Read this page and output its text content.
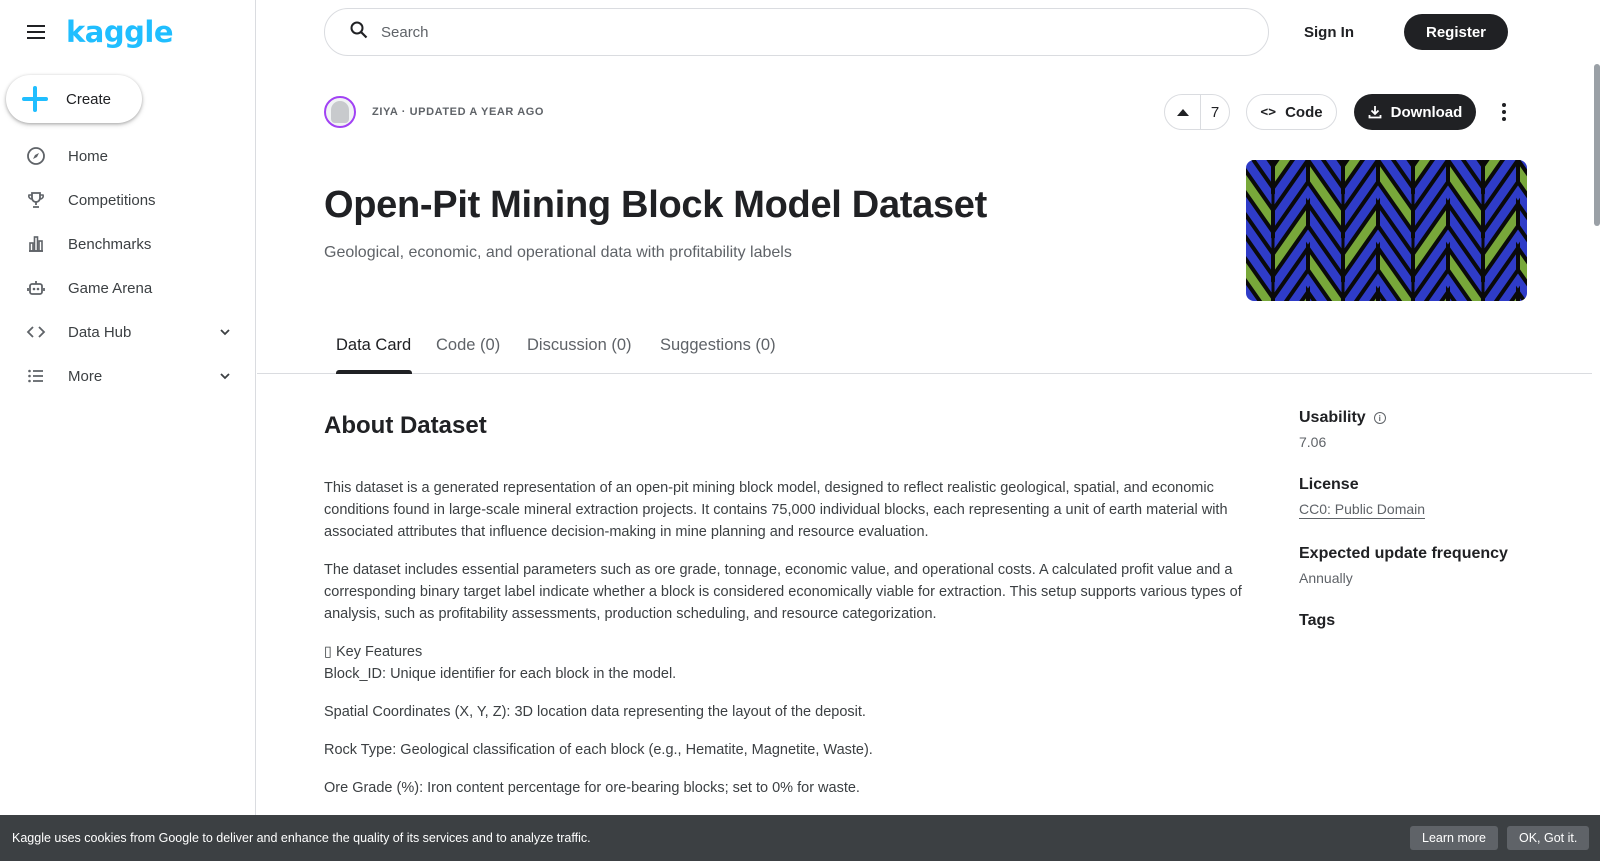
kaggle
Create
Home
Competitions
Benchmarks
Game Arena
Data Hub
More
Search
Sign In	Register
ZIYA · UPDATED A YEAR AGO	7	<> Code	Download
Open-Pit Mining Block Model Dataset
Geological, economic, and operational data with profitability labels
Data Card Code (0) Discussion (0) Suggestions (0)
About Dataset

This dataset is a generated representation of an open-pit mining block model, designed to reflect realistic geological, spatial, and economic conditions found in large-scale mineral extraction projects. It contains 75,000 individual blocks, each representing a unit of earth material with associated attributes that influence decision-making in mine planning and resource evaluation.

The dataset includes essential parameters such as ore grade, tonnage, economic value, and operational costs. A calculated profit value and a corresponding binary target label indicate whether a block is considered economically viable for extraction. This setup supports various types of analysis, such as profitability assessments, production scheduling, and resource categorization.

▯ Key Features

Block_ID: Unique identifier for each block in the model.

Spatial Coordinates (X, Y, Z): 3D location data representing the layout of the deposit.

Rock Type: Geological classification of each block (e.g., Hematite, Magnetite, Waste).

Ore Grade (%): Iron content percentage for ore-bearing blocks; set to 0% for waste.

Usability	i
7.06
License
CC0: Public Domain
Expected update frequency
Annually
Tags
Kaggle uses cookies from Google to deliver and enhance the quality of its services and to analyze traffic.	Learn more	OK, Got it.
